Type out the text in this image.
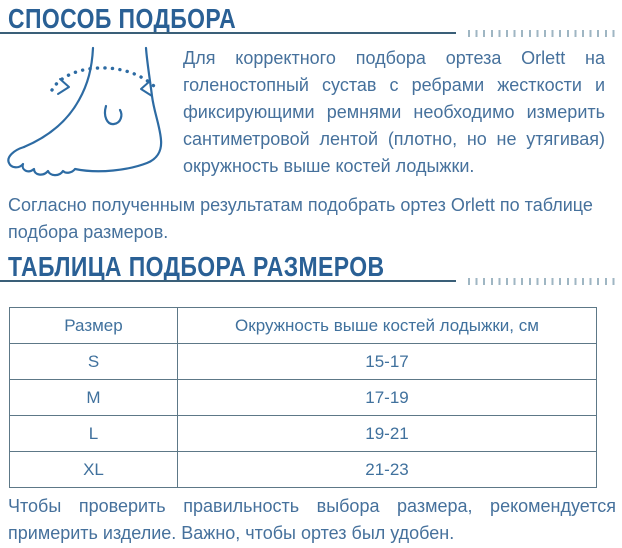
СПОСОБ ПОДБОРА

Для корректного подбора ортеза Orlett на голеностопный сустав с ребрами жесткости и фиксирующими ремнями необходимо измерить сантиметровой лентой (плотно, но не утягивая) окружность выше костей лодыжки.

Согласно полученным результатам подобрать ортез Orlett по таблице подбора размеров.

ТАБЛИЦА ПОДБОРА РАЗМЕРОВ
Размер	Окружность выше костей лодыжки, см
S	15-17
M	17-19
L	19-21
XL	21-23

Чтобы проверить правильность выбора размера, рекомендуется примерить изделие. Важно, чтобы ортез был удобен.
